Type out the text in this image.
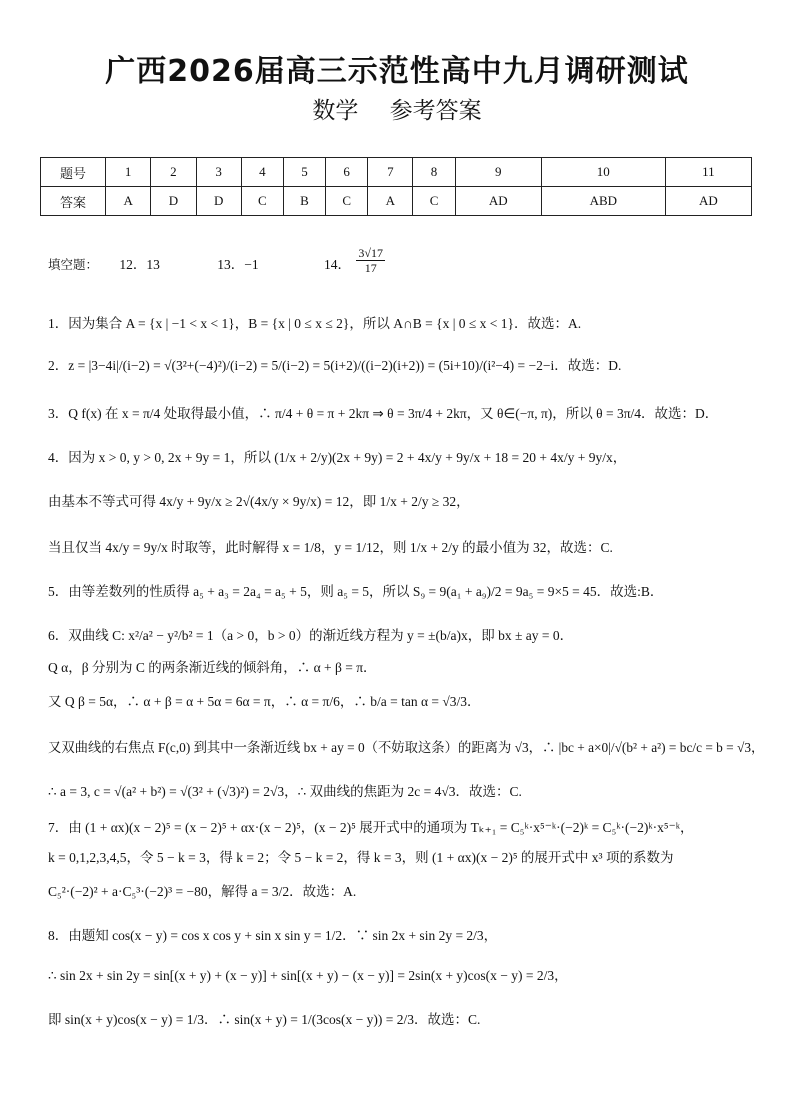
广西2026届高三示范性高中九月调研测试
数学 参考答案
题号	1	2	3	4	5	6	7	8	9	10	11
答案	A	D	D	C	B	C	A	C	AD	ABD	AD
填空题： 12．13	13．−1	14． $\frac{3√17}{17}$
1．因为集合 A = {x | −1 < x < 1}，B = {x | 0 ≤ x ≤ 2}，所以 A∩B = {x | 0 ≤ x < 1}．故选：A.
2．z = |3−4i|/(i−2) = √(3²+(−4)²)/(i−2) = 5/(i−2) = 5(i+2)/((i−2)(i+2)) = (5i+10)/(i²−4) = −2−i．故选：D.
3．Q f(x) 在 x = π/4 处取得最小值，∴ π/4 + θ = π + 2kπ ⇒ θ = 3π/4 + 2kπ，又 θ∈(−π, π)，所以 θ = 3π/4．故选：D．
4．因为 x > 0, y > 0, 2x + 9y = 1，所以 (1/x + 2/y)(2x + 9y) = 2 + 4x/y + 9y/x + 18 = 20 + 4x/y + 9y/x，
由基本不等式可得 4x/y + 9y/x ≥ 2√(4x/y × 9y/x) = 12，即 1/x + 2/y ≥ 32，
当且仅当 4x/y = 9y/x 时取等，此时解得 x = 1/8，y = 1/12，则 1/x + 2/y 的最小值为 32，故选：C.
5．由等差数列的性质得 a₅ + a₃ = 2a₄ = a₅ + 5，则 a₅ = 5，所以 S₉ = 9(a₁ + a₉)/2 = 9a₅ = 9×5 = 45．故选:B．
6．双曲线 C: x²/a² − y²/b² = 1（a > 0，b > 0）的渐近线方程为 y = ±(b/a)x，即 bx ± ay = 0．
Q α，β 分别为 C 的两条渐近线的倾斜角，∴ α + β = π．
又 Q β = 5α，∴ α + β = α + 5α = 6α = π，∴ α = π/6，∴ b/a = tan α = √3/3．
又双曲线的右焦点 F(c,0) 到其中一条渐近线 bx + ay = 0（不妨取这条）的距离为 √3，∴ |bc + a×0|/√(b² + a²) = bc/c = b = √3，
∴ a = 3, c = √(a² + b²) = √(3² + (√3)²) = 2√3，∴ 双曲线的焦距为 2c = 4√3．故选：C.
7．由 (1 + αx)(x − 2)⁵ = (x − 2)⁵ + αx·(x − 2)⁵，(x − 2)⁵ 展开式中的通项为 Tₖ₊₁ = C₅ᵏ·x⁵⁻ᵏ·(−2)ᵏ = C₅ᵏ·(−2)ᵏ·x⁵⁻ᵏ，
k = 0,1,2,3,4,5，令 5 − k = 3，得 k = 2；令 5 − k = 2，得 k = 3，则 (1 + αx)(x − 2)⁵ 的展开式中 x³ 项的系数为
C₅²·(−2)² + a·C₅³·(−2)³ = −80，解得 a = 3/2．故选：A.
8．由题知 cos(x − y) = cos x cos y + sin x sin y = 1/2．∵ sin 2x + sin 2y = 2/3，
∴ sin 2x + sin 2y = sin[(x + y) + (x − y)] + sin[(x + y) − (x − y)] = 2sin(x + y)cos(x − y) = 2/3，
即 sin(x + y)cos(x − y) = 1/3．∴ sin(x + y) = 1/(3cos(x − y)) = 2/3．故选：C.
